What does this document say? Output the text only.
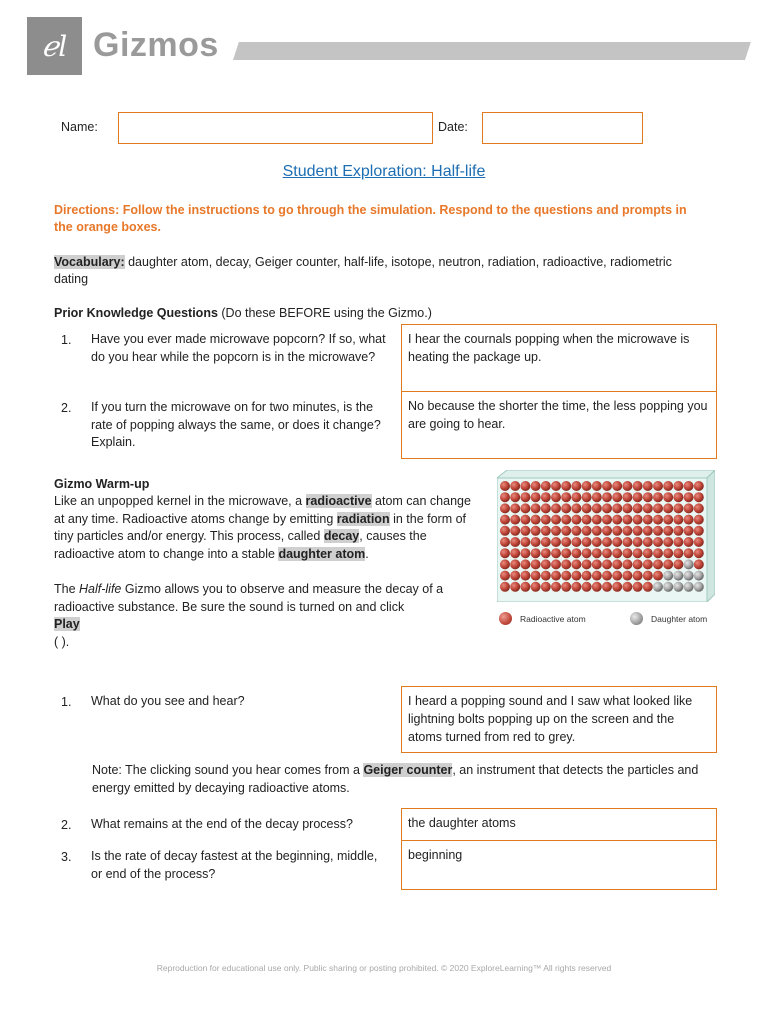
ℯl Gizmos
Name:	Date:
Student Exploration: Half-life
Directions: Follow the instructions to go through the simulation. Respond to the questions and prompts in the orange boxes.
Vocabulary: daughter atom, decay, Geiger counter, half-life, isotope, neutron, radiation, radioactive, radiometric dating
Prior Knowledge Questions (Do these BEFORE using the Gizmo.)
1. Have you ever made microwave popcorn? If so, what do you hear while the popcorn is in the microwave?
I hear the cournals popping when the microwave is heating the package up.
2. If you turn the microwave on for two minutes, is the rate of popping always the same, or does it change? Explain.
No because the shorter the time, the less popping you are going to hear.
Gizmo Warm-up
Like an unpopped kernel in the microwave, a radioactive atom can change at any time. Radioactive atoms change by emitting radiation in the form of tiny particles and/or energy. This process, called decay, causes the radioactive atom to change into a stable daughter atom.
The Half-life Gizmo allows you to observe and measure the decay of a radioactive substance. Be sure the sound is turned on and click
Play
( ).
Radioactive atom	Daughter atom
1. What do you see and hear?	I heard a popping sound and I saw what looked like lightning bolts popping up on the screen and the atoms turned from red to grey.
Note: The clicking sound you hear comes from a Geiger counter, an instrument that detects the particles and energy emitted by decaying radioactive atoms.
2. What remains at the end of the decay process?	the daughter atoms
3. Is the rate of decay fastest at the beginning, middle, or end of the process?
beginning
Reproduction for educational use only. Public sharing or posting prohibited. © 2020 ExploreLearning™ All rights reserved
